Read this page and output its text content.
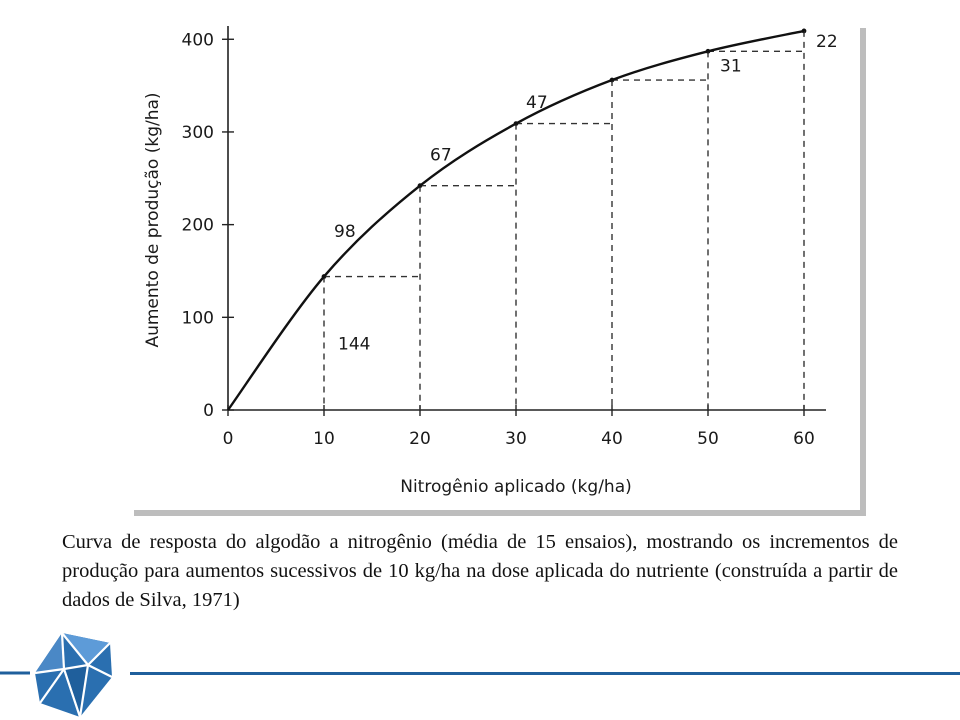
0
100
200
300
400
0	10	20	30	40	50	60
Nitrogênio aplicado (kg/ha)
Aumento de produção (kg/ha)	144
98
67
47
31
22

Curva de resposta do algodão a nitrogênio (média de 15 ensaios), mostrando os incrementos de produção para aumentos sucessivos de 10 kg/ha na dose aplicada do nutriente (construída a partir de dados de Silva, 1971)
